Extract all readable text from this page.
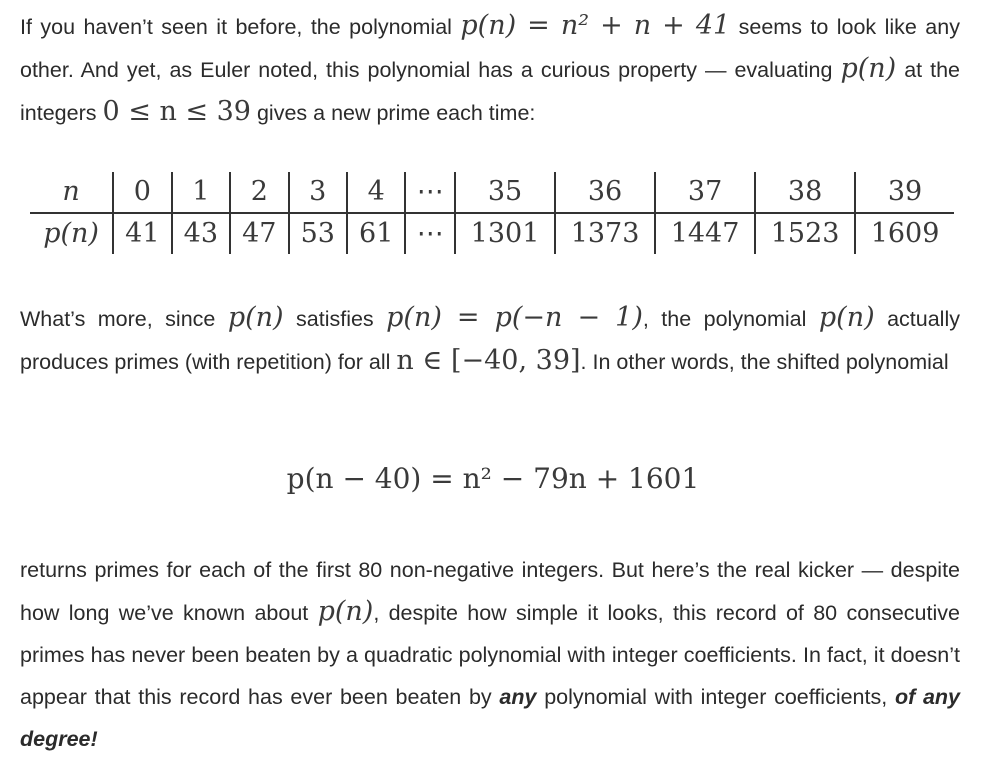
If you haven’t seen it before, the polynomial p(n) = n² + n + 41 seems to look like any other. And yet, as Euler noted, this polynomial has a curious property — evaluating p(n) at the integers 0 ≤ n ≤ 39 gives a new prime each time:

n	0	1	2	3	4	⋯	35	36	37	38	39
p(n)	41	43	47	53	61	⋯	1301	1373	1447	1523	1609

What’s more, since p(n) satisfies p(n) = p(−n − 1), the polynomial p(n) actually produces primes (with repetition) for all n ∈ [−40, 39]. In other words, the shifted polynomial

p(n − 40) = n² − 79n + 1601

returns primes for each of the first 80 non-negative integers. But here’s the real kicker — despite how long we’ve known about p(n), despite how simple it looks, this record of 80 consecutive primes has never been beaten by a quadratic polynomial with integer coefficients. In fact, it doesn’t appear that this record has ever been beaten by any polynomial with integer coefficients, of any degree!
